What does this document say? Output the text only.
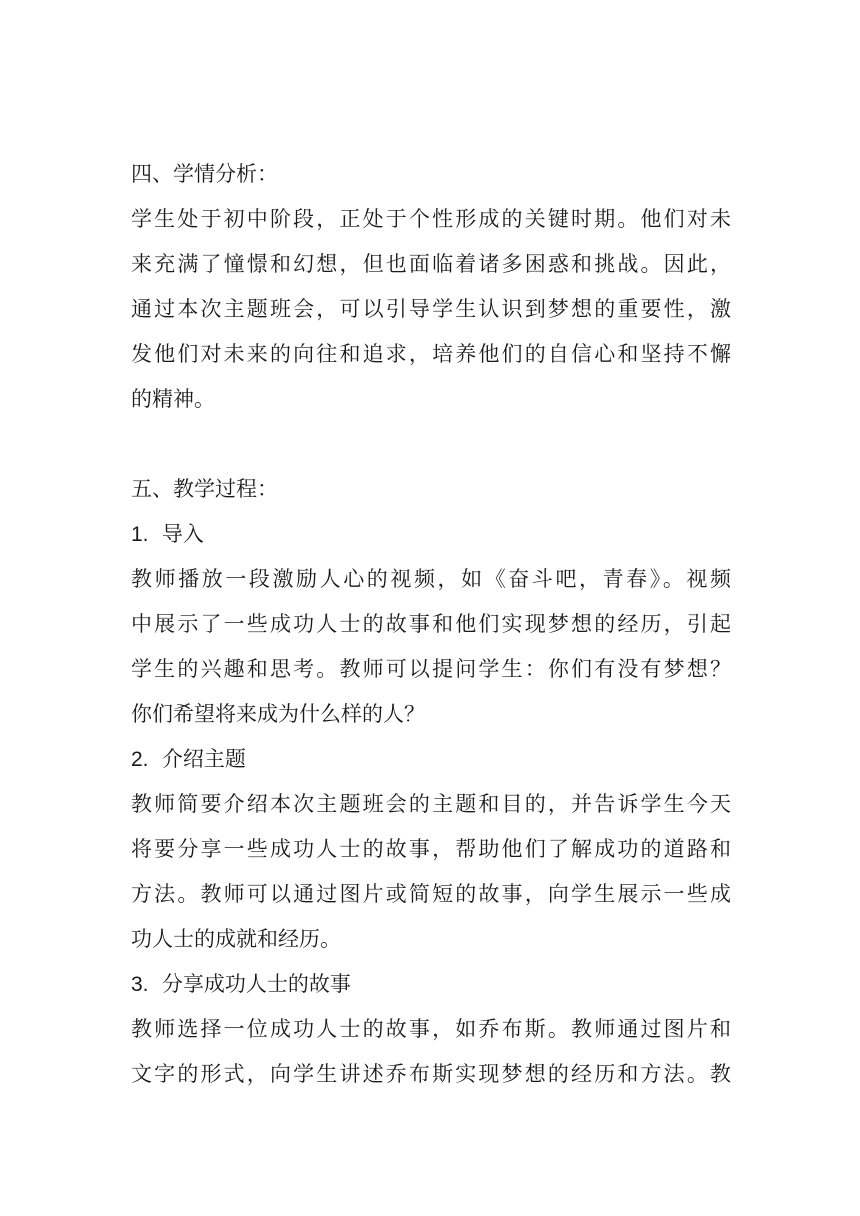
四、学情分析：

学生处于初中阶段，正处于个性形成的关键时期。他们对未

来充满了憧憬和幻想，但也面临着诸多困惑和挑战。因此，

通过本次主题班会，可以引导学生认识到梦想的重要性，激

发他们对未来的向往和追求，培养他们的自信心和坚持不懈

的精神。

五、教学过程：

1. 导入

教师播放一段激励人心的视频，如《奋斗吧，青春》。视频

中展示了一些成功人士的故事和他们实现梦想的经历，引起

学生的兴趣和思考。教师可以提问学生：你们有没有梦想？

你们希望将来成为什么样的人？

2. 介绍主题

教师简要介绍本次主题班会的主题和目的，并告诉学生今天

将要分享一些成功人士的故事，帮助他们了解成功的道路和

方法。教师可以通过图片或简短的故事，向学生展示一些成

功人士的成就和经历。

3. 分享成功人士的故事

教师选择一位成功人士的故事，如乔布斯。教师通过图片和

文字的形式，向学生讲述乔布斯实现梦想的经历和方法。教
